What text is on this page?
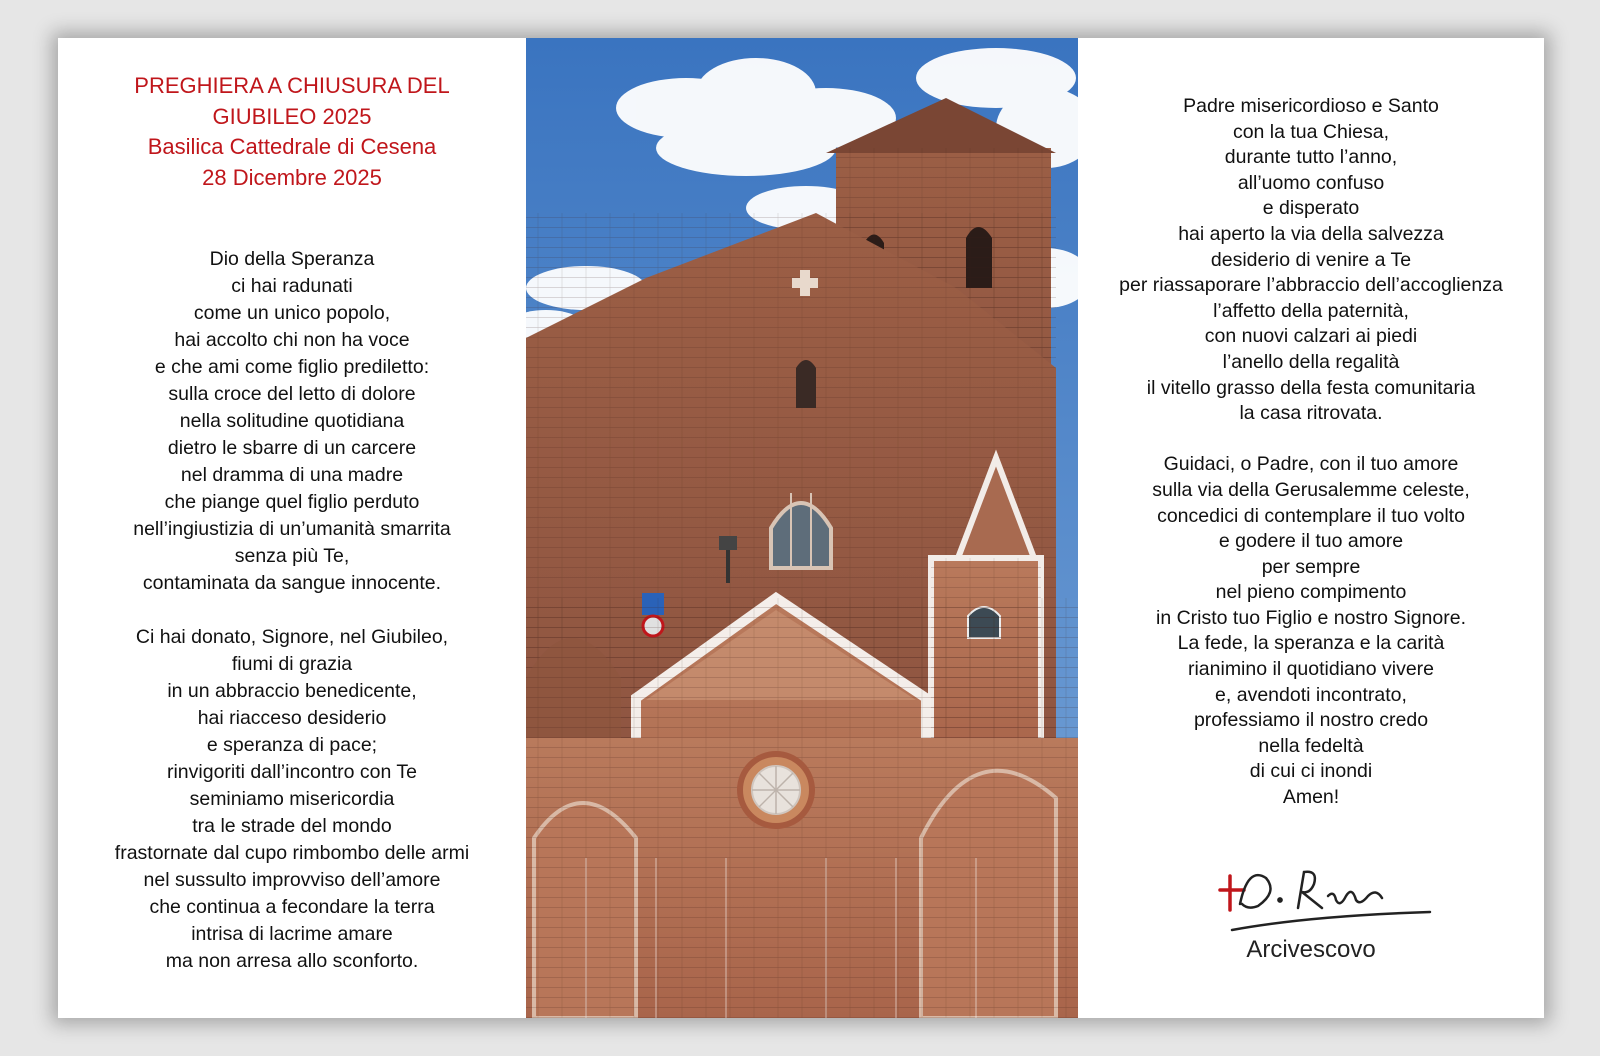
PREGHIERA A CHIUSURA DEL
GIUBILEO 2025
Basilica Cattedrale di Cesena
28 Dicembre 2025
Dio della Speranza
ci hai radunati
come un unico popolo,
hai accolto chi non ha voce
e che ami come figlio prediletto:
sulla croce del letto di dolore
nella solitudine quotidiana
dietro le sbarre di un carcere
nel dramma di una madre
che piange quel figlio perduto
nell’ingiustizia di un’umanità smarrita
senza più Te,
contaminata da sangue innocente.
Ci hai donato, Signore, nel Giubileo,
fiumi di grazia
in un abbraccio benedicente,
hai riacceso desiderio
e speranza di pace;
rinvigoriti dall’incontro con Te
seminiamo misericordia
tra le strade del mondo
frastornate dal cupo rimbombo delle armi
nel sussulto improvviso dell’amore
che continua a fecondare la terra
intrisa di lacrime amare
ma non arresa allo sconforto.
Padre misericordioso e Santo
con la tua Chiesa,
durante tutto l’anno,
all’uomo confuso
e disperato
hai aperto la via della salvezza
desiderio di venire a Te
per riassaporare l’abbraccio dell’accoglienza
l’affetto della paternità,
con nuovi calzari ai piedi
l’anello della regalità
il vitello grasso della festa comunitaria
la casa ritrovata.
Guidaci, o Padre, con il tuo amore
sulla via della Gerusalemme celeste,
concedici di contemplare il tuo volto
e godere il tuo amore
per sempre
nel pieno compimento
in Cristo tuo Figlio e nostro Signore.
La fede, la speranza e la carità
rianimino il quotidiano vivere
e, avendoti incontrato,
professiamo il nostro credo
nella fedeltà
di cui ci inondi
Amen!
Arcivescovo
